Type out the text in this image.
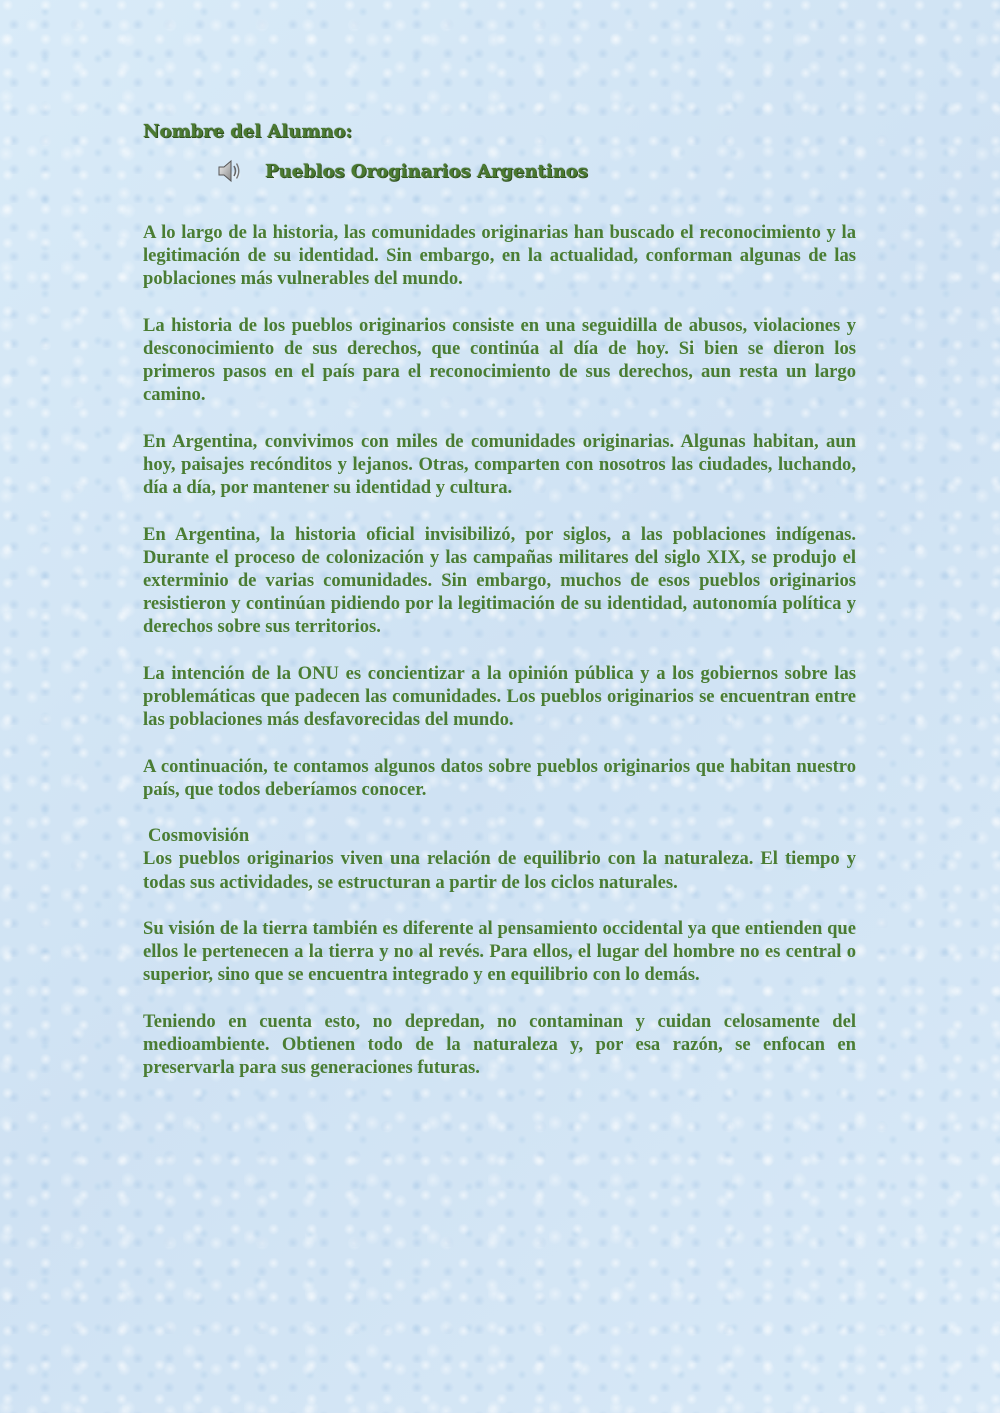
Nombre del Alumno:

Pueblos Oroginarios Argentinos

A lo largo de la historia, las comunidades originarias han buscado el reconocimiento y la legitimación de su identidad. Sin embargo, en la actualidad, conforman algunas de las poblaciones más vulnerables del mundo.

La historia de los pueblos originarios consiste en una seguidilla de abusos, violaciones y desconocimiento de sus derechos, que continúa al día de hoy. Si bien se dieron los primeros pasos en el país para el reconocimiento de sus derechos, aun resta un largo camino.

En Argentina, convivimos con miles de comunidades originarias. Algunas habitan, aun hoy, paisajes recónditos y lejanos. Otras, comparten con nosotros las ciudades, luchando, día a día, por mantener su identidad y cultura.

En Argentina, la historia oficial invisibilizó, por siglos, a las poblaciones indígenas. Durante el proceso de colonización y las campañas militares del siglo XIX, se produjo el exterminio de varias comunidades. Sin embargo, muchos de esos pueblos originarios resistieron y continúan pidiendo por la legitimación de su identidad, autonomía política y derechos sobre sus territorios.

La intención de la ONU es concientizar a la opinión pública y a los gobiernos sobre las problemáticas que padecen las comunidades. Los pueblos originarios se encuentran entre las poblaciones más desfavorecidas del mundo.

A continuación, te contamos algunos datos sobre pueblos originarios que habitan nuestro país, que todos deberíamos conocer.

Cosmovisión

Los pueblos originarios viven una relación de equilibrio con la naturaleza. El tiempo y todas sus actividades, se estructuran a partir de los ciclos naturales.

Su visión de la tierra también es diferente al pensamiento occidental ya que entienden que ellos le pertenecen a la tierra y no al revés. Para ellos, el lugar del hombre no es central o superior, sino que se encuentra integrado y en equilibrio con lo demás.

Teniendo en cuenta esto, no depredan, no contaminan y cuidan celosamente del medioambiente. Obtienen todo de la naturaleza y, por esa razón, se enfocan en preservarla para sus generaciones futuras.
